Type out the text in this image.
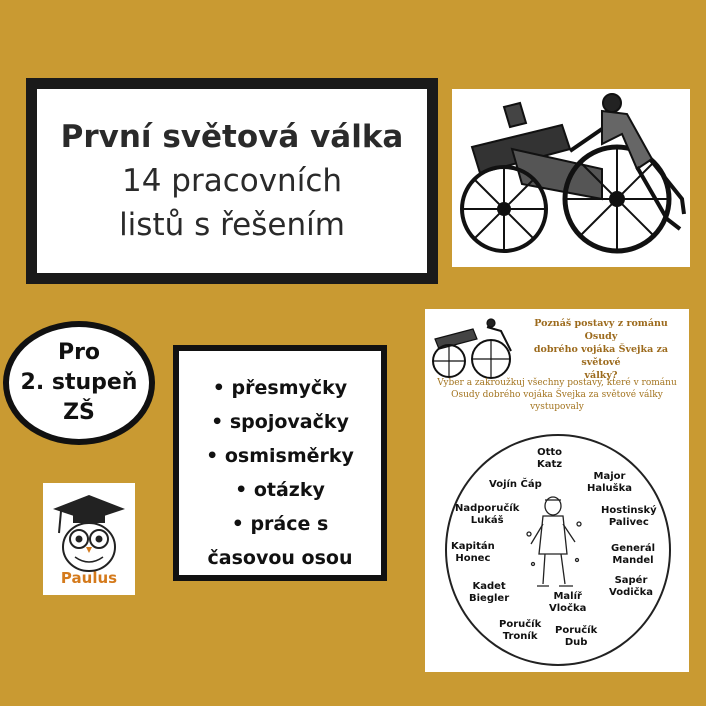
První světová válka
14 pracovních
listů s řešením
Pro
2. stupeň
ZŠ
• přesmyčky
• spojovačky
• osmisměrky
• otázky
• práce s
časovou osou
Paulus
Poznáš postavy z románu Osudy
dobrého vojáka Švejka za světové
války?
Vyber a zakroužkuj všechny postavy, které v románu
Osudy dobrého vojáka Švejka za světové války vystupovaly
Otto
Katz
Vojín Čáp
Major
Haluška
Nadporučík
Lukáš
Hostinský
Palivec
Kapitán
Honec
Generál
Mandel
Kadet
Biegler
Sapér
Vodička
Malíř
Vločka
Poručík
Troník
Poručík
Dub
